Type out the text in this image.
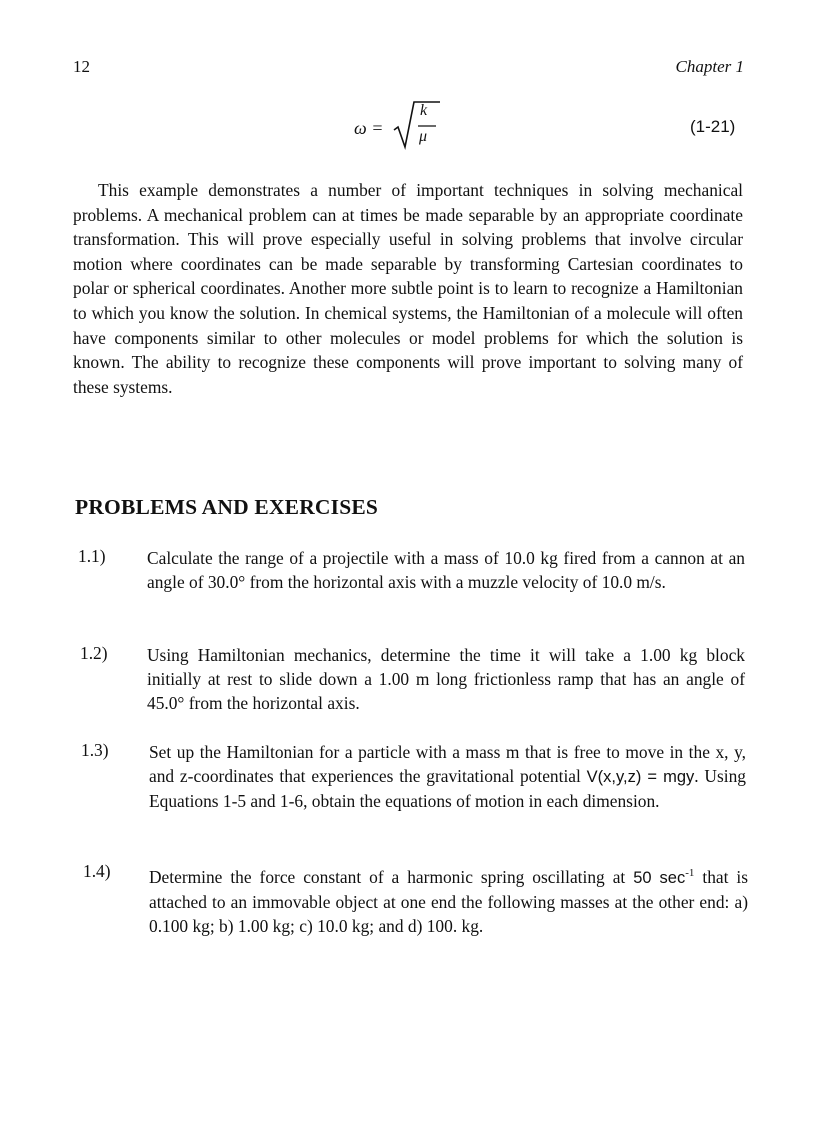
12	Chapter 1
ω =
k
μ
(1-21)

This example demonstrates a number of important techniques in solving mechanical problems. A mechanical problem can at times be made separable by an appropriate coordinate transformation. This will prove especially useful in solving problems that involve circular motion where coordinates can be made separable by transforming Cartesian coordinates to polar or spherical coordinates. Another more subtle point is to learn to recognize a Hamiltonian to which you know the solution. In chemical systems, the Hamiltonian of a molecule will often have components similar to other molecules or model problems for which the solution is known. The ability to recognize these components will prove important to solving many of these systems.

PROBLEMS AND EXERCISES
1.1) Calculate the range of a projectile with a mass of 10.0 kg fired from a cannon at an angle of 30.0° from the horizontal axis with a muzzle velocity of 10.0 m/s.
1.2) Using Hamiltonian mechanics, determine the time it will take a 1.00 kg block initially at rest to slide down a 1.00 m long frictionless ramp that has an angle of 45.0° from the horizontal axis.
1.3) Set up the Hamiltonian for a particle with a mass m that is free to move in the x, y, and z-coordinates that experiences the gravitational potential V(x,y,z) = mgy. Using Equations 1-5 and 1-6, obtain the equations of motion in each dimension.
1.4) Determine the force constant of a harmonic spring oscillating at 50 $\sec^{-1}$ that is attached to an immovable object at one end the following masses at the other end: a) 0.100 kg; b) 1.00 kg; c) 10.0 kg; and d) 100. kg.
